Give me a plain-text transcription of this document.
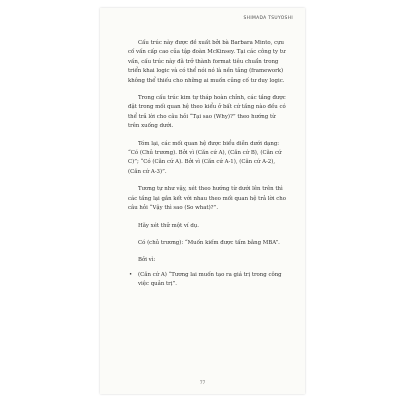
SHIMADA TSUYOSHI

Cấu trúc này được đề xuất bởi bà Barbara Minto, cựu cố vấn cấp cao của tập đoàn McKinsey. Tại các công ty tư vấn, cấu trúc này đã trở thành format tiêu chuẩn trong triển khai logic và có thể nói nó là nền tảng (framework) không thể thiếu cho những ai muốn củng cố tư duy logic.

Trong cấu trúc kim tự tháp hoàn chỉnh, các tầng được đặt trong mối quan hệ theo kiểu ở bất cứ tầng nào đều có thể trả lời cho câu hỏi “Tại sao (Why)?” theo hướng từ trên xuống dưới.

Tóm lại, các mối quan hệ được biểu diễn dưới dạng: “Có (Chủ trương). Bởi vì (Căn cứ A), (Căn cứ B), (Căn cứ C)”; “Có (Căn cứ A). Bởi vì (Căn cứ A-1), (Căn cứ A-2), (Căn cứ A-3)”.

Tương tự như vậy, xét theo hướng từ dưới lên trên thì các tầng lại gắn kết với nhau theo mối quan hệ trả lời cho câu hỏi “Vậy thì sao (So what)?”.

Hãy xét thử một ví dụ.

Có (chủ trương): “Muốn kiếm được tấm bằng MBA”.

Bởi vì:

• (Căn cứ A) “Tương lai muốn tạo ra giá trị trong công việc quản trị”.
77
